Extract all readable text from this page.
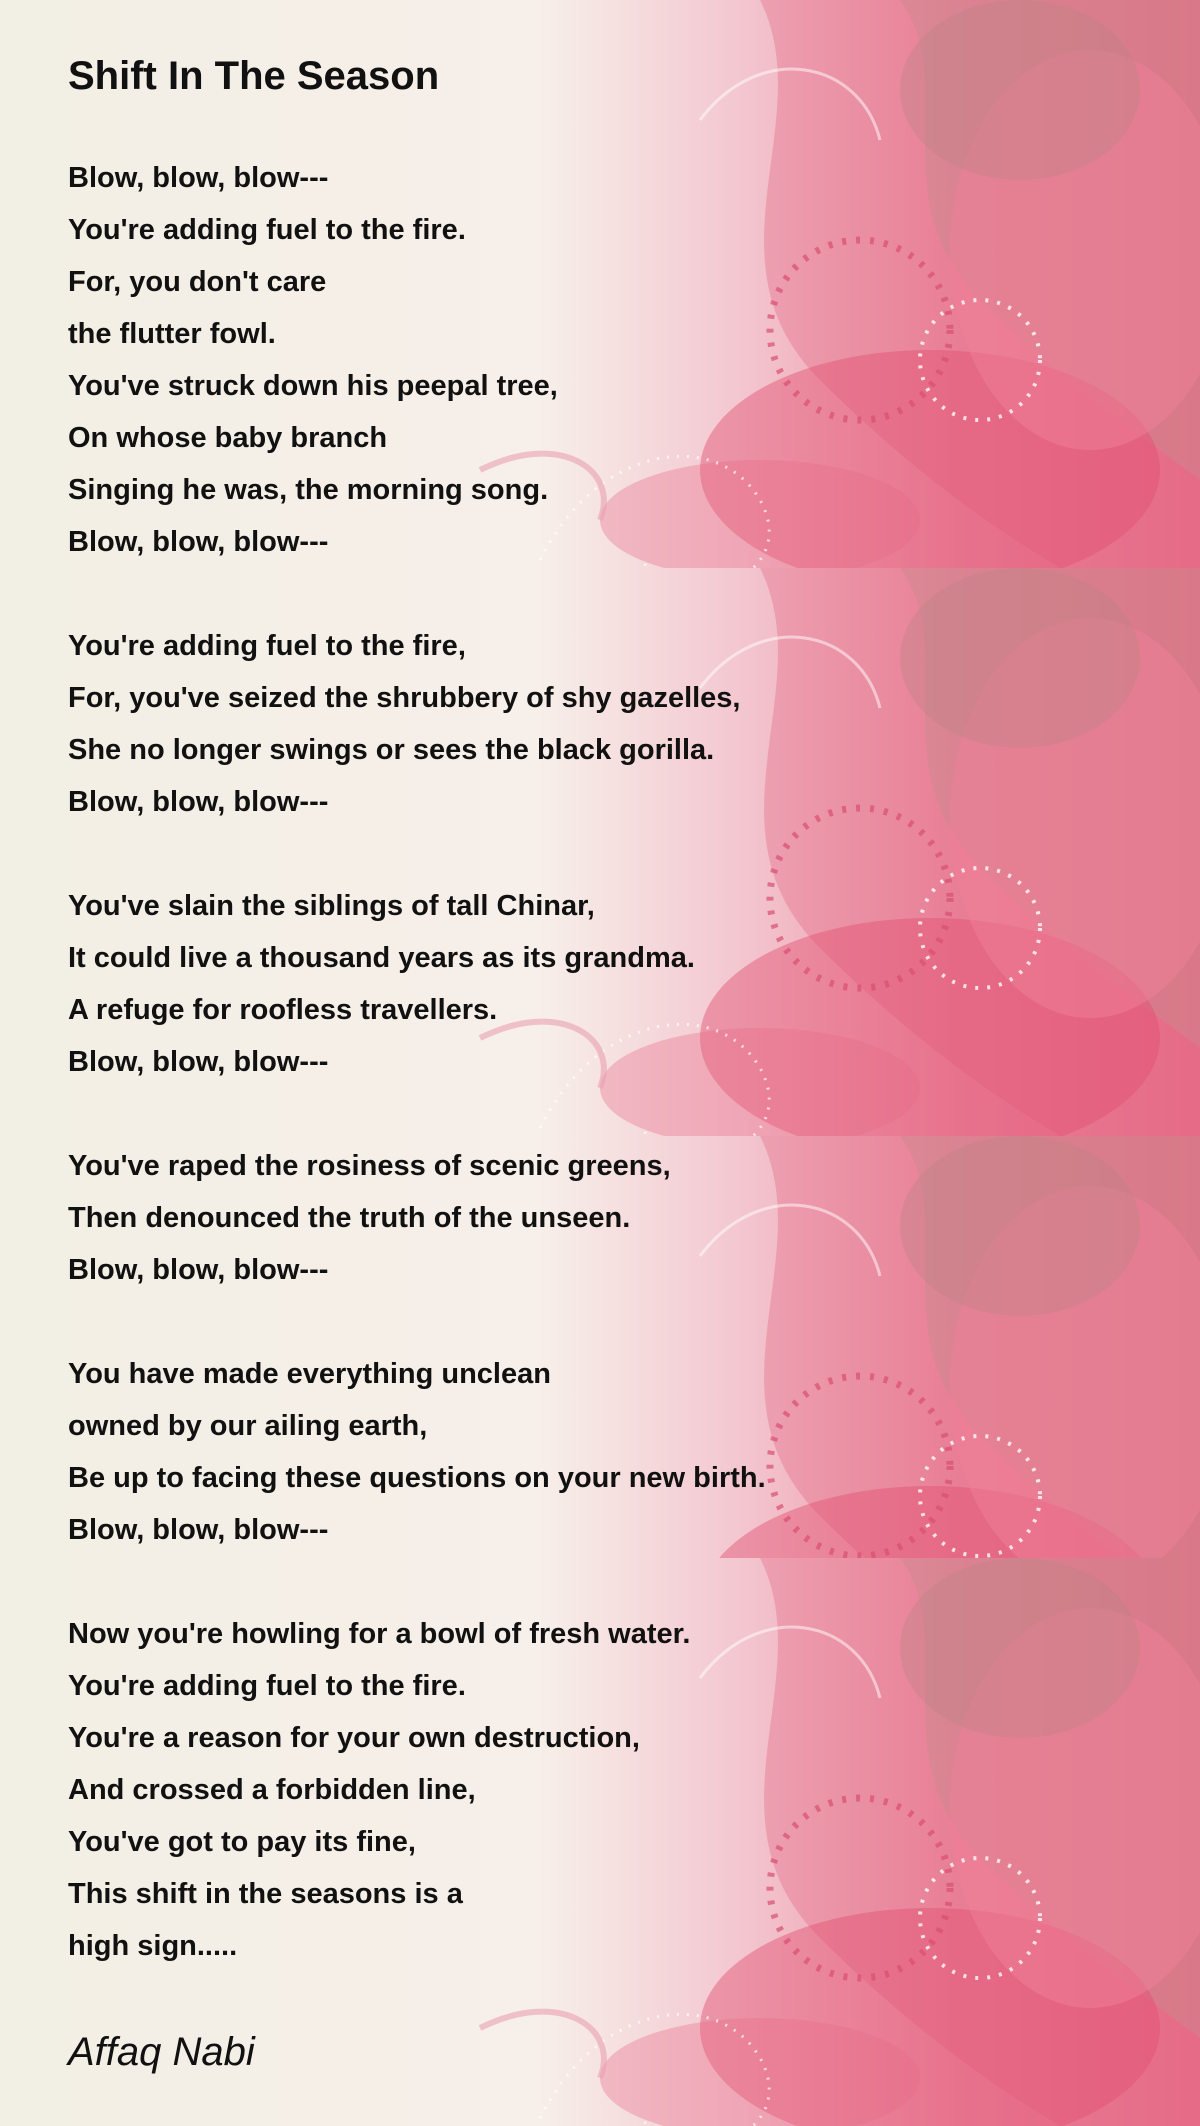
Shift In The Season
Blow, blow, blow---
You're adding fuel to the fire.
For, you don't care
the flutter fowl.
You've struck down his peepal tree,
On whose baby branch
Singing he was, the morning song.
Blow, blow, blow---
You're adding fuel to the fire,
For, you've seized the shrubbery of shy gazelles,
She no longer swings or sees the black gorilla.
Blow, blow, blow---
You've slain the siblings of tall Chinar,
It could live a thousand years as its grandma.
A refuge for roofless travellers.
Blow, blow, blow---
You've raped the rosiness of scenic greens,
Then denounced the truth of the unseen.
Blow, blow, blow---
You have made everything unclean
owned by our ailing earth,
Be up to facing these questions on your new birth.
Blow, blow, blow---
Now you're howling for a bowl of fresh water.
You're adding fuel to the fire.
You're a reason for your own destruction,
And crossed a forbidden line,
You've got to pay its fine,
This shift in the seasons is a
high sign.....
Affaq Nabi
